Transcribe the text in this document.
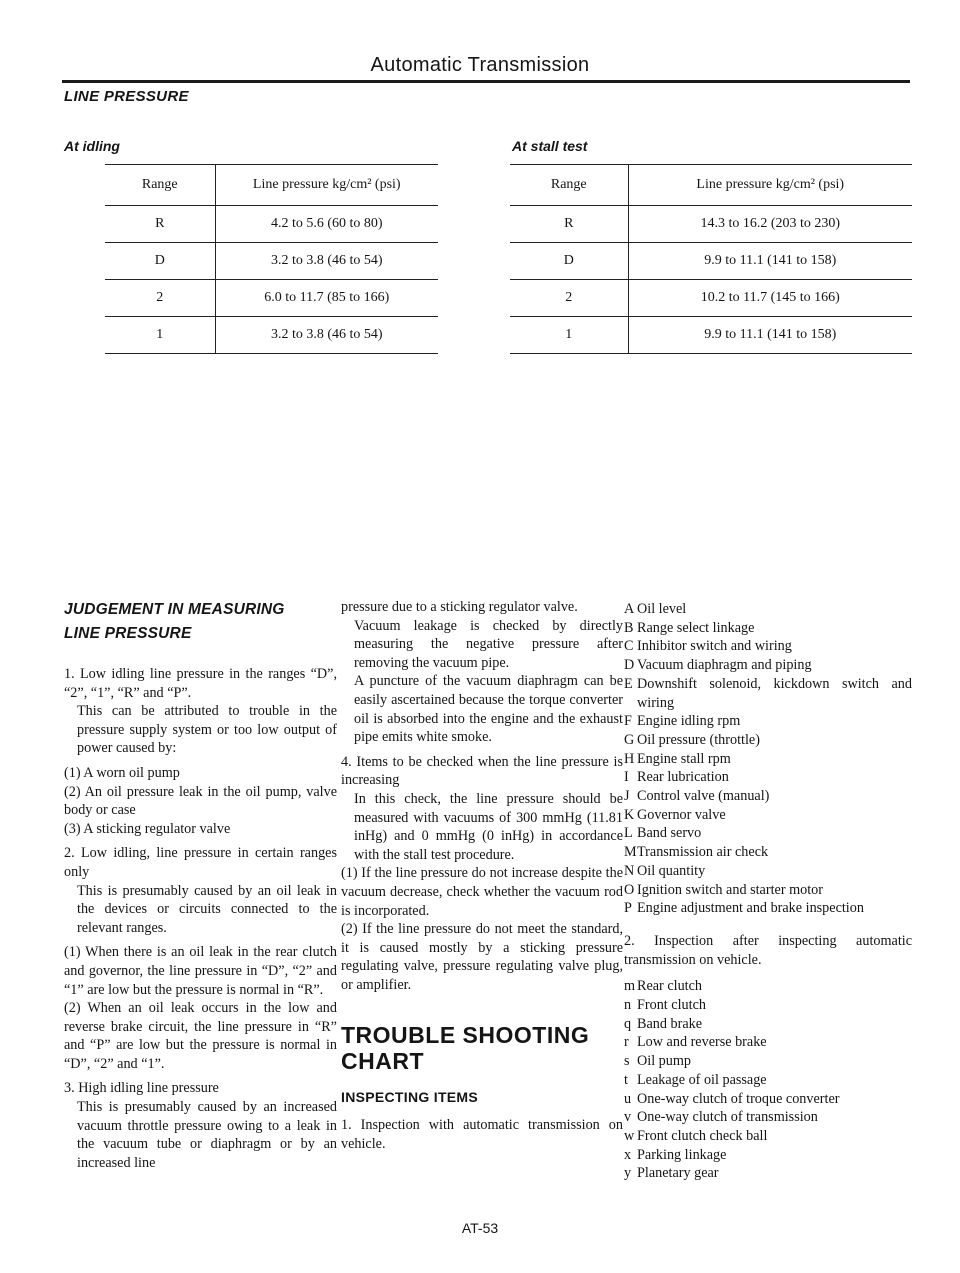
Automatic Transmission
LINE PRESSURE
At idling
Range	Line pressure kg/cm² (psi)
R	4.2 to 5.6 (60 to 80)
D	3.2 to 3.8 (46 to 54)
2	6.0 to 11.7 (85 to 166)
1	3.2 to 3.8 (46 to 54)
At stall test
Range	Line pressure kg/cm² (psi)
R	14.3 to 16.2 (203 to 230)
D	9.9 to 11.1 (141 to 158)
2	10.2 to 11.7 (145 to 166)
1	9.9 to 11.1 (141 to 158)
JUDGEMENT IN MEASURING
LINE PRESSURE

1. Low idling line pressure in the ranges “D”, “2”, “1”, “R” and “P”.

This can be attributed to trouble in the pressure supply system or too low output of power caused by:

(1) A worn oil pump

(2) An oil pressure leak in the oil pump, valve body or case

(3) A sticking regulator valve

2. Low idling, line pressure in certain ranges only

This is presumably caused by an oil leak in the devices or circuits connected to the relevant ranges.

(1) When there is an oil leak in the rear clutch and governor, the line pressure in “D”, “2” and “1” are low but the pressure is normal in “R”.

(2) When an oil leak occurs in the low and reverse brake circuit, the line pressure in “R” and “P” are low but the pressure is normal in “D”, “2” and “1”.

3. High idling line pressure

This is presumably caused by an increased vacuum throttle pressure owing to a leak in the vacuum tube or diaphragm or by an increased line

pressure due to a sticking regulator valve.

Vacuum leakage is checked by directly measuring the negative pressure after removing the vacuum pipe.

A puncture of the vacuum diaphragm can be easily ascertained because the torque converter oil is absorbed into the engine and the exhaust pipe emits white smoke.

4. Items to be checked when the line pressure is increasing

In this check, the line pressure should be measured with vacuums of 300 mmHg (11.81 inHg) and 0 mmHg (0 inHg) in accordance with the stall test procedure.

(1) If the line pressure do not increase despite the vacuum decrease, check whether the vacuum rod is incorporated.

(2) If the line pressure do not meet the standard, it is caused mostly by a sticking pressure regulating valve, pressure regulating valve plug, or amplifier.

TROUBLE SHOOTING
CHART
INSPECTING ITEMS

1. Inspection with automatic transmission on vehicle.

A Oil level
B Range select linkage
C Inhibitor switch and wiring
D Vacuum diaphragm and piping
E Downshift solenoid, kickdown switch and wiring
F Engine idling rpm
G Oil pressure (throttle)
H Engine stall rpm
I Rear lubrication
J Control valve (manual)
K Governor valve
L Band servo
M Transmission air check
N Oil quantity
O Ignition switch and starter motor
P Engine adjustment and brake inspection

2. Inspection after inspecting automatic transmission on vehicle.

m Rear clutch
n Front clutch
q Band brake
r Low and reverse brake
s Oil pump
t Leakage of oil passage
u One-way clutch of troque converter
v One-way clutch of transmission
w Front clutch check ball
x Parking linkage
y Planetary gear
AT-53
